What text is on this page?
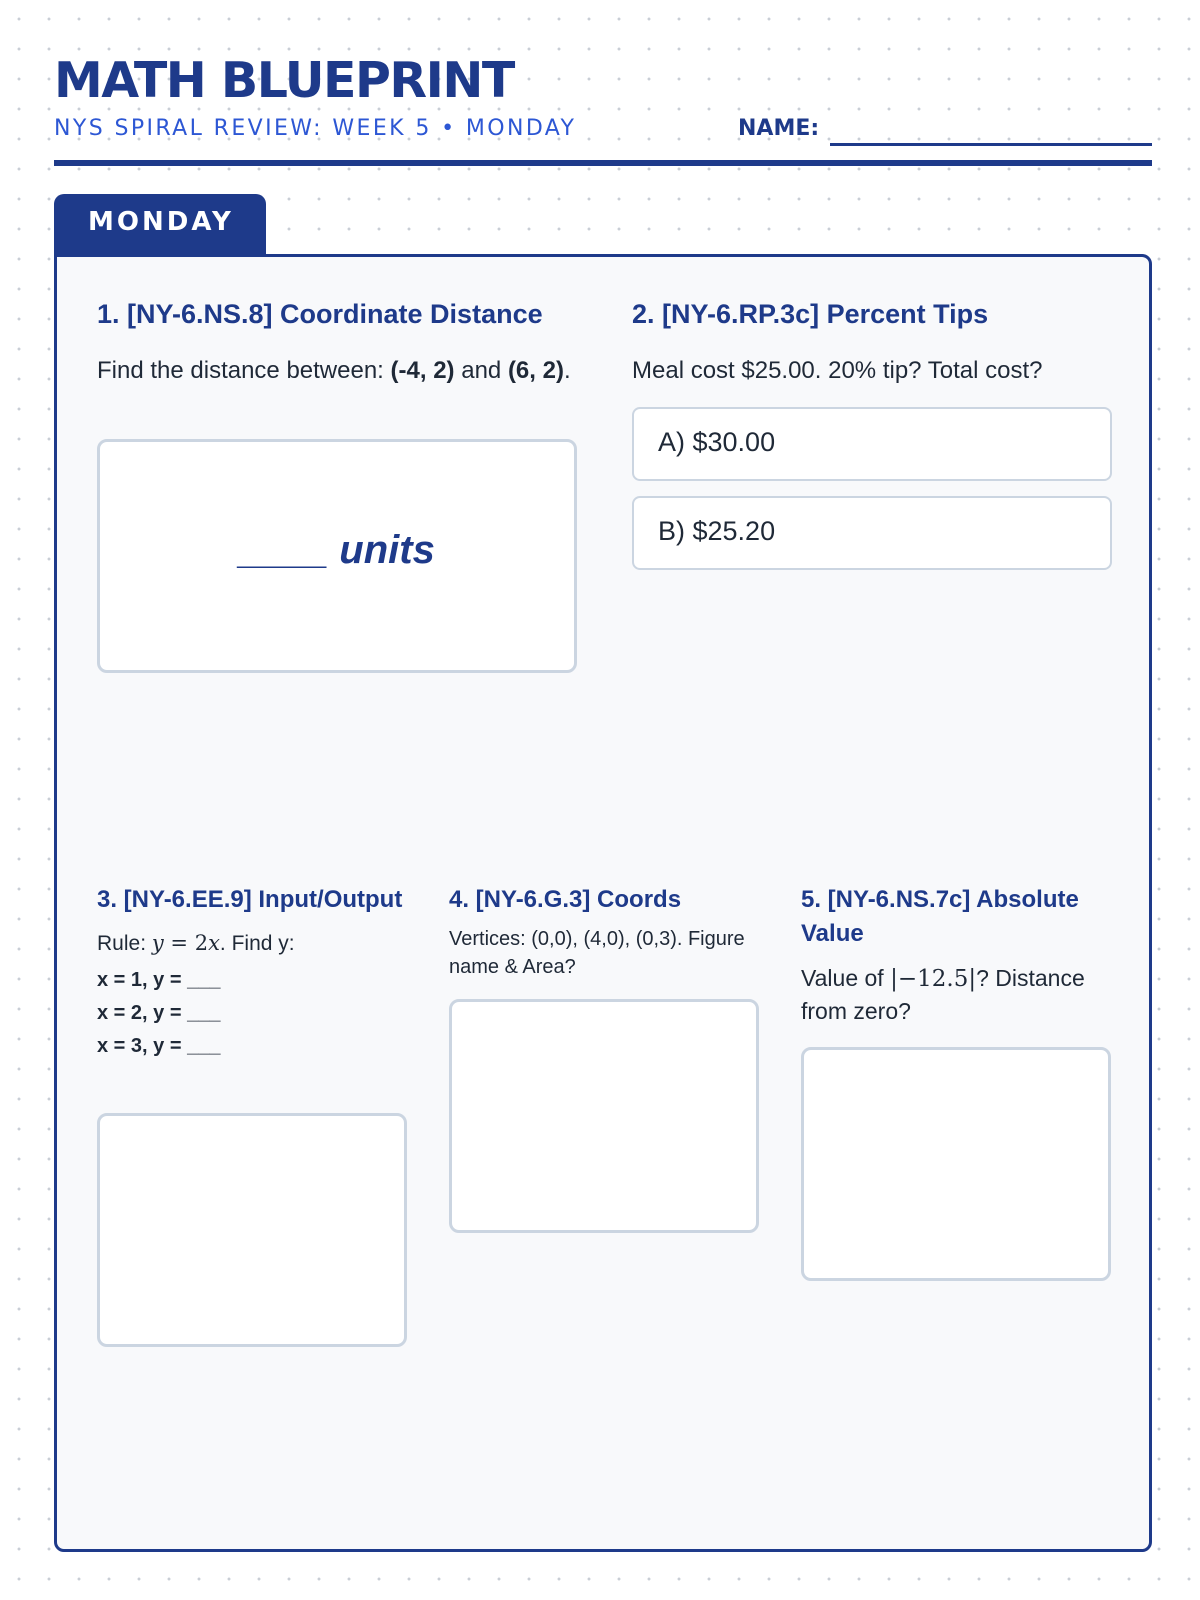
MATH BLUEPRINT
NYS SPIRAL REVIEW: WEEK 5 • MONDAY	NAME:
MONDAY
1. [NY-6.NS.8] Coordinate Distance

Find the distance between: (-4, 2) and (6, 2).

____ units
2. [NY-6.RP.3c] Percent Tips

Meal cost $25.00. 20% tip? Total cost?

A) $30.00
B) $25.20
3. [NY-6.EE.9] Input/Output

Rule: y = 2x. Find y:

x = 1, y = ___
x = 2, y = ___
x = 3, y = ___
4. [NY-6.G.3] Coords

Vertices: (0,0), (4,0), (0,3). Figure name & Area?

5. [NY-6.NS.7c] Absolute Value

Value of |−12.5|? Distance from zero?
